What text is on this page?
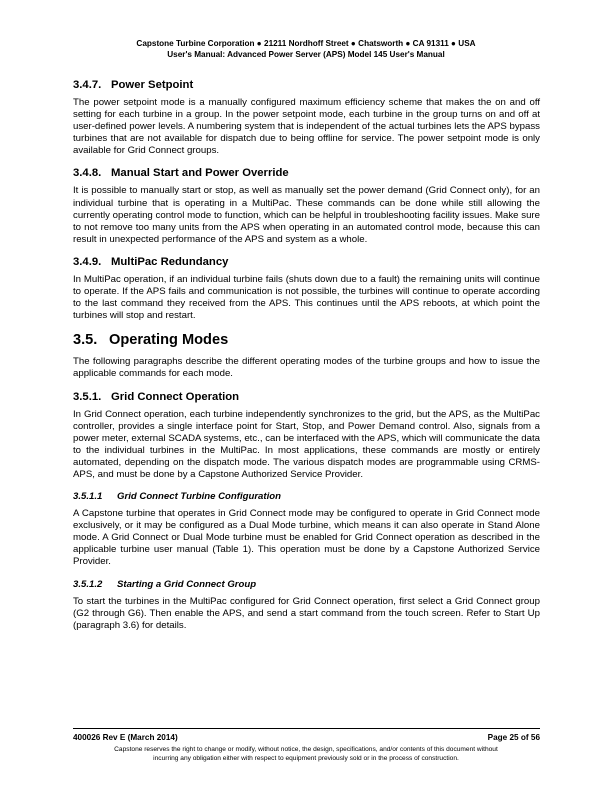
Capstone Turbine Corporation ● 21211 Nordhoff Street ● Chatsworth ● CA 91311 ● USA
User's Manual: Advanced Power Server (APS) Model 145 User's Manual
3.4.7. Power Setpoint

The power setpoint mode is a manually configured maximum efficiency scheme that makes the on and off setting for each turbine in a group. In the power setpoint mode, each turbine in the group turns on and off at user-defined power levels. A numbering system that is independent of the actual turbines lets the APS bypass turbines that are not available for dispatch due to being offline for service. The power setpoint mode is only available for Grid Connect groups.

3.4.8. Manual Start and Power Override

It is possible to manually start or stop, as well as manually set the power demand (Grid Connect only), for an individual turbine that is operating in a MultiPac. These commands can be done while still allowing the currently operating control mode to function, which can be helpful in troubleshooting facility issues. Make sure to not remove too many units from the APS when operating in an automated control mode, because this can result in unexpected performance of the APS and system as a whole.

3.4.9. MultiPac Redundancy

In MultiPac operation, if an individual turbine fails (shuts down due to a fault) the remaining units will continue to operate. If the APS fails and communication is not possible, the turbines will continue to operate according to the last command they received from the APS. This continues until the APS reboots, at which point the turbines will stop and restart.

3.5. Operating Modes

The following paragraphs describe the different operating modes of the turbine groups and how to issue the applicable commands for each mode.

3.5.1. Grid Connect Operation

In Grid Connect operation, each turbine independently synchronizes to the grid, but the APS, as the MultiPac controller, provides a single interface point for Start, Stop, and Power Demand control. Also, signals from a power meter, external SCADA systems, etc., can be interfaced with the APS, which will communicate the data to the individual turbines in the MultiPac. In most applications, these commands are mostly or entirely automated, depending on the dispatch mode. The various dispatch modes are programmable using CRMS-APS, and must be done by a Capstone Authorized Service Provider.

3.5.1.1 Grid Connect Turbine Configuration

A Capstone turbine that operates in Grid Connect mode may be configured to operate in Grid Connect mode exclusively, or it may be configured as a Dual Mode turbine, which means it can also operate in Stand Alone mode. A Grid Connect or Dual Mode turbine must be enabled for Grid Connect operation as described in the applicable turbine user manual (Table 1). This operation must be done by a Capstone Authorized Service Provider.

3.5.1.2 Starting a Grid Connect Group

To start the turbines in the MultiPac configured for Grid Connect operation, first select a Grid Connect group (G2 through G6). Then enable the APS, and send a start command from the touch screen. Refer to Start Up (paragraph 3.6) for details.

400026 Rev E (March 2014)	Page 25 of 56
Capstone reserves the right to change or modify, without notice, the design, specifications, and/or contents of this document without
incurring any obligation either with respect to equipment previously sold or in the process of construction.
